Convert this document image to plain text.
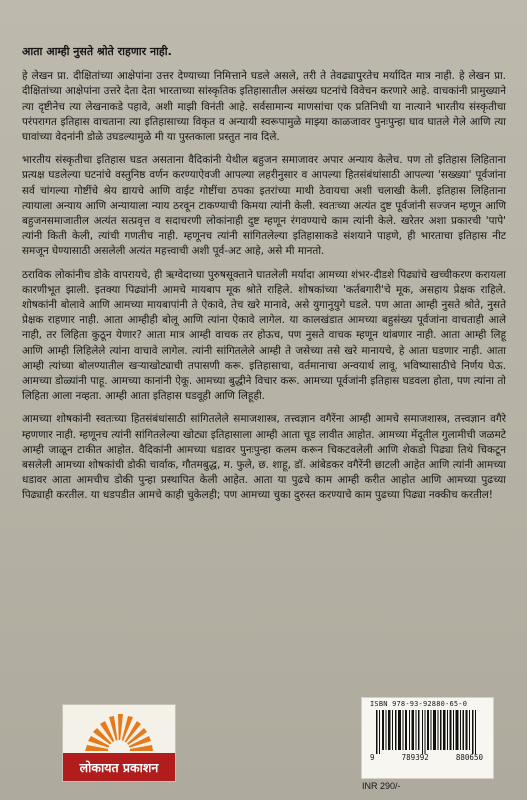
आता आम्ही नुसते श्रोते राहणार नाही.

हे लेखन प्रा. दीक्षितांच्या आक्षेपांना उत्तर देण्याच्या निमित्ताने घडले असले, तरी ते तेवढ्यापुरतेच मर्यादित मात्र नाही. हे लेखन प्रा. दीक्षितांच्या आक्षेपांना उत्तरे देता देता भारताच्या सांस्कृतिक इतिहासातील असंख्य घटनांचे विवेचन करणारे आहे. वाचकांनी प्रामुख्याने त्या दृष्टीनेच त्या लेखनाकडे पहावे, अशी माझी विनंती आहे. सर्वसामान्य माणसांचा एक प्रतिनिधी या नात्याने भारतीय संस्कृतीचा परंपरागत इतिहास वाचताना त्या इतिहासाच्या विकृत व अन्यायी स्वरूपामुळे माझ्या काळजावर पुनःपुन्हा घाव घातले गेले आणि त्या घावांच्या वेदनांनी डोळे उघडल्यामुळे मी या पुस्तकाला प्रस्तुत नाव दिले.

भारतीय संस्कृतीचा इतिहास घडत असताना वैदिकांनी येथील बहुजन समाजावर अपार अन्याय केलेच. पण तो इतिहास लिहिताना प्रत्यक्ष घडलेल्या घटनांचे वस्तुनिष्ठ वर्णन करण्याऐवजी आपल्या लहरीनुसार व आपल्या हितसंबंधांसाठी आपल्या 'सख्ख्या' पूर्वजांना सर्व चांगल्या गोष्टींचे श्रेय द्यायचे आणि वाईट गोष्टींचा ठपका इतरांच्या माथी ठेवायचा अशी चलाखी केली. इतिहास लिहिताना त्यायाला अन्याय आणि अन्यायाला न्याय ठरवून टाकण्याची किमया त्यांनी केली. स्वतःच्या अत्यंत दुष्ट पूर्वजांनी सज्जन म्हणून आणि बहुजनसमाजातील अत्यंत सत्प्रवृत्त व सदाचरणी लोकांनाही दुष्ट म्हणून रंगवण्याचे काम त्यांनी केले. खरेतर अशा प्रकारची 'पापे' त्यांनी किती केली, त्यांची गणतीच नाही. म्हणूनच त्यांनी सांगितलेल्या इतिहासाकडे संशयाने पाहणे, ही भारताचा इतिहास नीट समजून घेण्यासाठी असलेली अत्यंत महत्त्वाची अशी पूर्व-अट आहे, असे मी मानतो.

ठराविक लोकांनीच डोके वापरायचे, ही ऋग्वेदाच्या पुरुषसूक्ताने घातलेली मर्यादा आमच्या शंभर-दीडशे पिढ्यांचे खच्चीकरण करायला कारणीभूत झाली. इतक्या पिढ्यांनी आमचे मायबाप मूक श्रोते राहिले. शोषकांच्या 'कर्तबगारी'चे मूक, असहाय प्रेक्षक राहिले. शोषकांनी बोलावे आणि आमच्या मायबापांनी ते ऐकावे, तेच खरे मानावे, असे युगानुयुगे घडले. पण आता आम्ही नुसते श्रोते, नुसते प्रेक्षक राहणार नाही. आता आम्हीही बोलू आणि त्यांना ऐकावे लागेल. या कालखंडात आमच्या बहुसंख्य पूर्वजांना वाचताही आले नाही, तर लिहिता कुठून येणार? आता मात्र आम्ही वाचक तर होऊच, पण नुसते वाचक म्हणून थांबणार नाही. आता आम्ही लिहू आणि आम्ही लिहिलेले त्यांना वाचावे लागेल. त्यांनी सांगितलेले आम्ही ते जसेच्या तसे खरे मानायचे, हे आता घडणार नाही. आता आम्ही त्यांच्या बोलण्यातील खऱ्याखोट्याची तपासणी करू. इतिहासाचा, वर्तमानाचा अन्वयार्थ लावू. भविष्यासाठीचे निर्णय घेऊ. आमच्या डोळ्यांनी पाहू. आमच्या कानांनी ऐकू. आमच्या बुद्धीने विचार करू. आमच्या पूर्वजांनी इतिहास घडवला होता, पण त्यांना तो लिहिता आला नव्हता. आम्ही आता इतिहास घडवूही आणि लिहूही.

आमच्या शोषकांनी स्वतःच्या हितसंबंधांसाठी सांगितलेले समाजशास्त्र, तत्त्वज्ञान वगैरेंना आम्ही आमचे समाजशास्त्र, तत्त्वज्ञान वगैरे म्हणणार नाही. म्हणूनच त्यांनी सांगितलेल्या खोट्या इतिहासाला आम्ही आता चूड लावीत आहोत. आमच्या मेंदूतील गुलामीची जळमटे आम्ही जाळून टाकीत आहोत. वैदिकांनी आमच्या धडावर पुनःपुन्हा कलम करून चिकटवलेली आणि शेकडो पिढ्या तिथे चिकटून बसलेली आमच्या शोषकांची डोकी चार्वाक, गौतमबुद्ध, म. फुले, छ. शाहू, डॉ. आंबेडकर वगैरेंनी छाटली आहेत आणि त्यांनी आमच्या धडावर आता आमचीच डोकी पुन्हा प्रस्थापित केली आहेत. आता या पुढचे काम आम्ही करीत आहोत आणि आमच्या पुढच्या पिढ्याही करतील. या धडपडीत आमचे काही चुकेलही; पण आमच्या चुका दुरुस्त करण्याचे काम पुढच्या पिढ्या नक्कीच करतील!

लोकायत प्रकाशन
ISBN 978-93-92880-65-0
9	789392	880650
INR 290/-
